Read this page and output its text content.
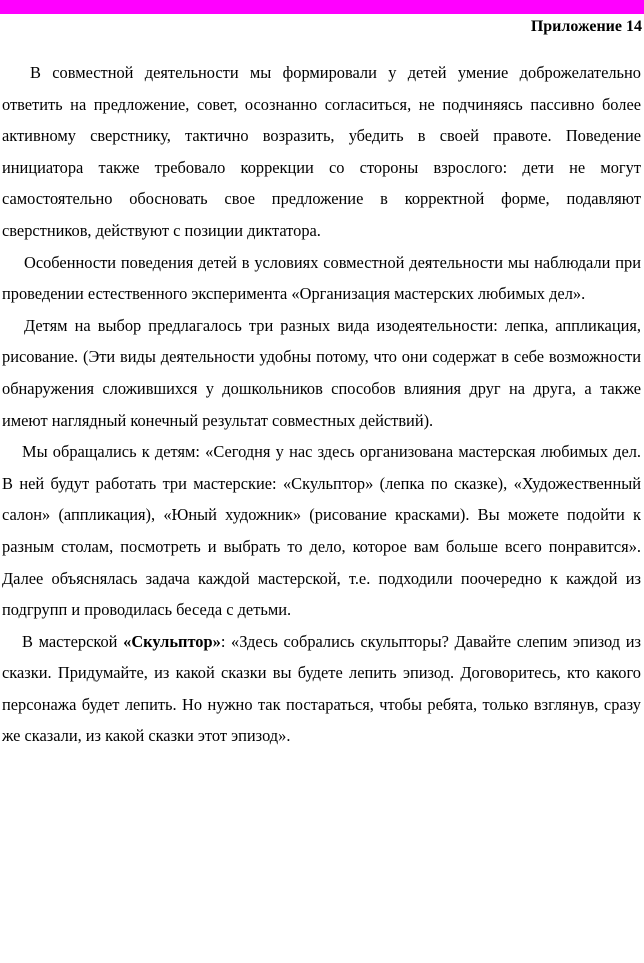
Приложение 14

В совместной деятельности мы формировали у детей умение доброжелательно ответить на предложение, совет, осознанно согласиться, не подчиняясь пассивно более активному сверстнику, тактично возразить, убедить в своей правоте. Поведение инициатора также требовало коррекции со стороны взрослого: дети не могут самостоятельно обосновать свое предложение в корректной форме, подавляют сверстников, действуют с позиции диктатора.

Особенности поведения детей в условиях совместной деятельности мы наблюдали при проведении естественного эксперимента «Организация мастерских любимых дел».

Детям на выбор предлагалось три разных вида изодеятельности: лепка, аппликация, рисование. (Эти виды деятельности удобны потому, что они содержат в себе возможности обнаружения сложившихся у дошкольников способов влияния друг на друга, а также имеют наглядный конечный результат совместных действий).

Мы обращались к детям: «Сегодня у нас здесь организована мастерская любимых дел. В ней будут работать три мастерские: «Скульптор» (лепка по сказке), «Художественный салон» (аппликация), «Юный художник» (рисование красками). Вы можете подойти к разным столам, посмотреть и выбрать то дело, которое вам больше всего понравится». Далее объяснялась задача каждой мастерской, т.е. подходили поочередно к каждой из подгрупп и проводилась беседа с детьми.

В мастерской «Скульптор»: «Здесь собрались скульпторы? Давайте слепим эпизод из сказки. Придумайте, из какой сказки вы будете лепить эпизод. Договоритесь, кто какого персонажа будет лепить. Но нужно так постараться, чтобы ребята, только взглянув, сразу же сказали, из какой сказки этот эпизод».
